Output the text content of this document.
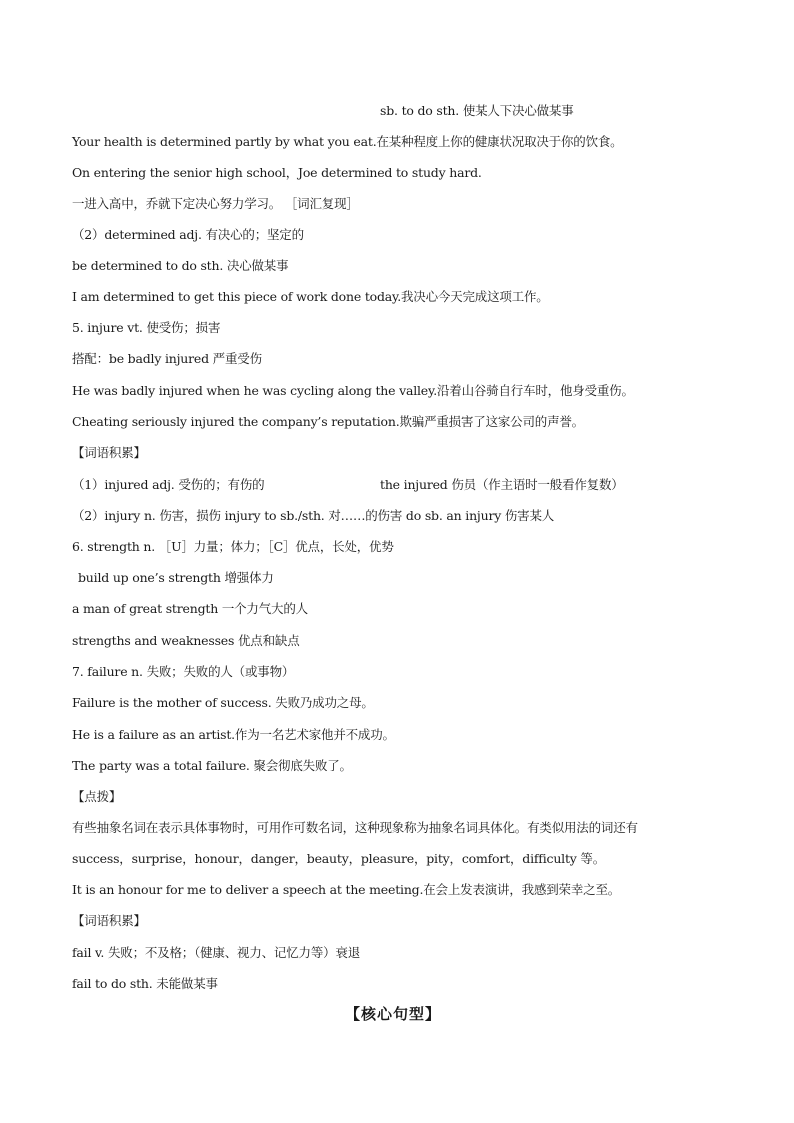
sb. to do sth. 使某人下决心做某事
Your health is determined partly by what you eat.在某种程度上你的健康状况取决于你的饮食。
On entering the senior high school，Joe determined to study hard.
一进入高中，乔就下定决心努力学习。 ［词汇复现］
（2）determined adj. 有决心的；坚定的
be determined to do sth. 决心做某事
I am determined to get this piece of work done today.我决心今天完成这项工作。
5. injure vt. 使受伤；损害
搭配：be badly injured 严重受伤
He was badly injured when he was cycling along the valley.沿着山谷骑自行车时，他身受重伤。
Cheating seriously injured the company’s reputation.欺骗严重损害了这家公司的声誉。
【词语积累】
（1）injured adj. 受伤的；有伤的	the injured 伤员（作主语时一般看作复数）
（2）injury n. 伤害，损伤 injury to sb./sth. 对……的伤害 do sb. an injury 伤害某人
6. strength n. ［U］力量；体力；［C］优点，长处，优势
build up one’s strength 增强体力
a man of great strength 一个力气大的人
strengths and weaknesses 优点和缺点
7. failure n. 失败；失败的人（或事物）
Failure is the mother of success. 失败乃成功之母。
He is a failure as an artist.作为一名艺术家他并不成功。
The party was a total failure. 聚会彻底失败了。
【点拨】
有些抽象名词在表示具体事物时，可用作可数名词，这种现象称为抽象名词具体化。有类似用法的词还有
success，surprise，honour，danger，beauty，pleasure，pity，comfort，difficulty 等。
It is an honour for me to deliver a speech at the meeting.在会上发表演讲，我感到荣幸之至。
【词语积累】
fail v. 失败；不及格；（健康、视力、记忆力等）衰退
fail to do sth. 未能做某事
【核心句型】
